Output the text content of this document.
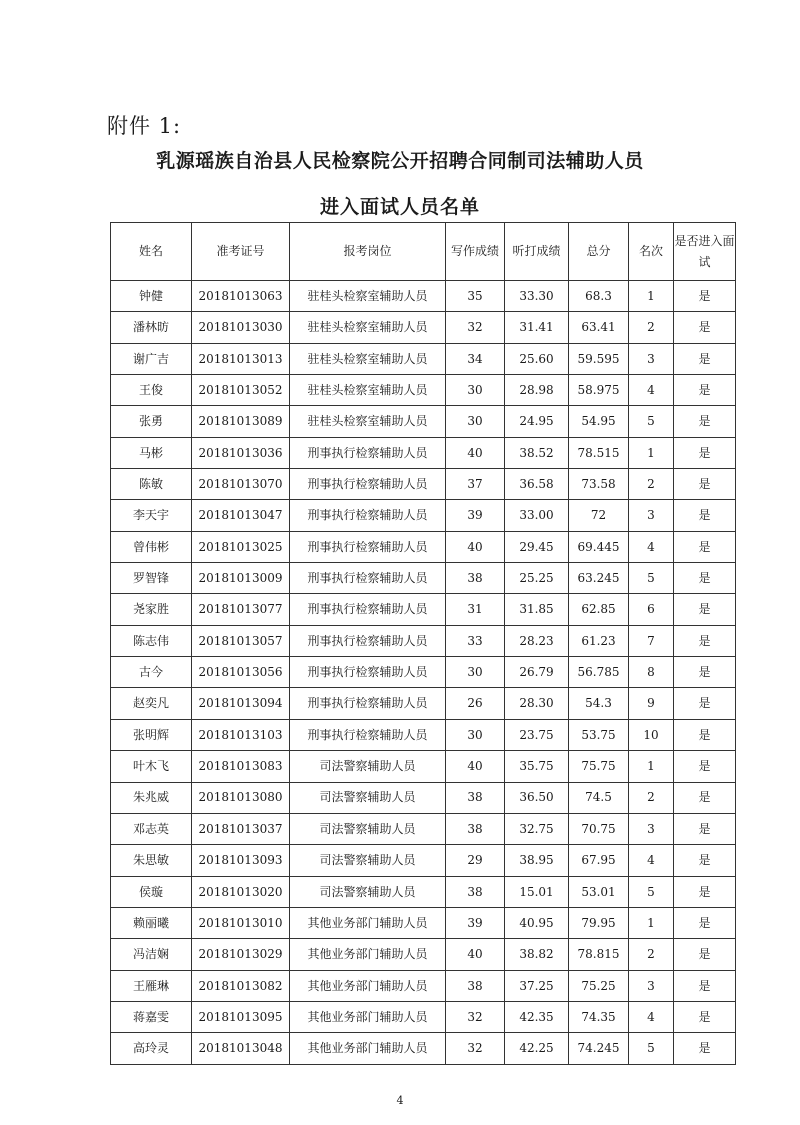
附件 1:
乳源瑶族自治县人民检察院公开招聘合同制司法辅助人员
进入面试人员名单
姓名	准考证号	报考岗位	写作成绩	听打成绩	总分	名次	是否进入面试
钟健	20181013063	驻桂头检察室辅助人员	35	33.30	68.3	1	是
潘林昉	20181013030	驻桂头检察室辅助人员	32	31.41	63.41	2	是
谢广吉	20181013013	驻桂头检察室辅助人员	34	25.60	59.595	3	是
王俊	20181013052	驻桂头检察室辅助人员	30	28.98	58.975	4	是
张勇	20181013089	驻桂头检察室辅助人员	30	24.95	54.95	5	是
马彬	20181013036	刑事执行检察辅助人员	40	38.52	78.515	1	是
陈敏	20181013070	刑事执行检察辅助人员	37	36.58	73.58	2	是
李天宇	20181013047	刑事执行检察辅助人员	39	33.00	72	3	是
曾伟彬	20181013025	刑事执行检察辅助人员	40	29.45	69.445	4	是
罗智锋	20181013009	刑事执行检察辅助人员	38	25.25	63.245	5	是
尧家胜	20181013077	刑事执行检察辅助人员	31	31.85	62.85	6	是
陈志伟	20181013057	刑事执行检察辅助人员	33	28.23	61.23	7	是
古今	20181013056	刑事执行检察辅助人员	30	26.79	56.785	8	是
赵奕凡	20181013094	刑事执行检察辅助人员	26	28.30	54.3	9	是
张明辉	20181013103	刑事执行检察辅助人员	30	23.75	53.75	10	是
叶木飞	20181013083	司法警察辅助人员	40	35.75	75.75	1	是
朱兆威	20181013080	司法警察辅助人员	38	36.50	74.5	2	是
邓志英	20181013037	司法警察辅助人员	38	32.75	70.75	3	是
朱思敏	20181013093	司法警察辅助人员	29	38.95	67.95	4	是
侯璇	20181013020	司法警察辅助人员	38	15.01	53.01	5	是
赖丽曦	20181013010	其他业务部门辅助人员	39	40.95	79.95	1	是
冯洁娴	20181013029	其他业务部门辅助人员	40	38.82	78.815	2	是
王雁琳	20181013082	其他业务部门辅助人员	38	37.25	75.25	3	是
蒋嘉雯	20181013095	其他业务部门辅助人员	32	42.35	74.35	4	是
高玲灵	20181013048	其他业务部门辅助人员	32	42.25	74.245	5	是
4
